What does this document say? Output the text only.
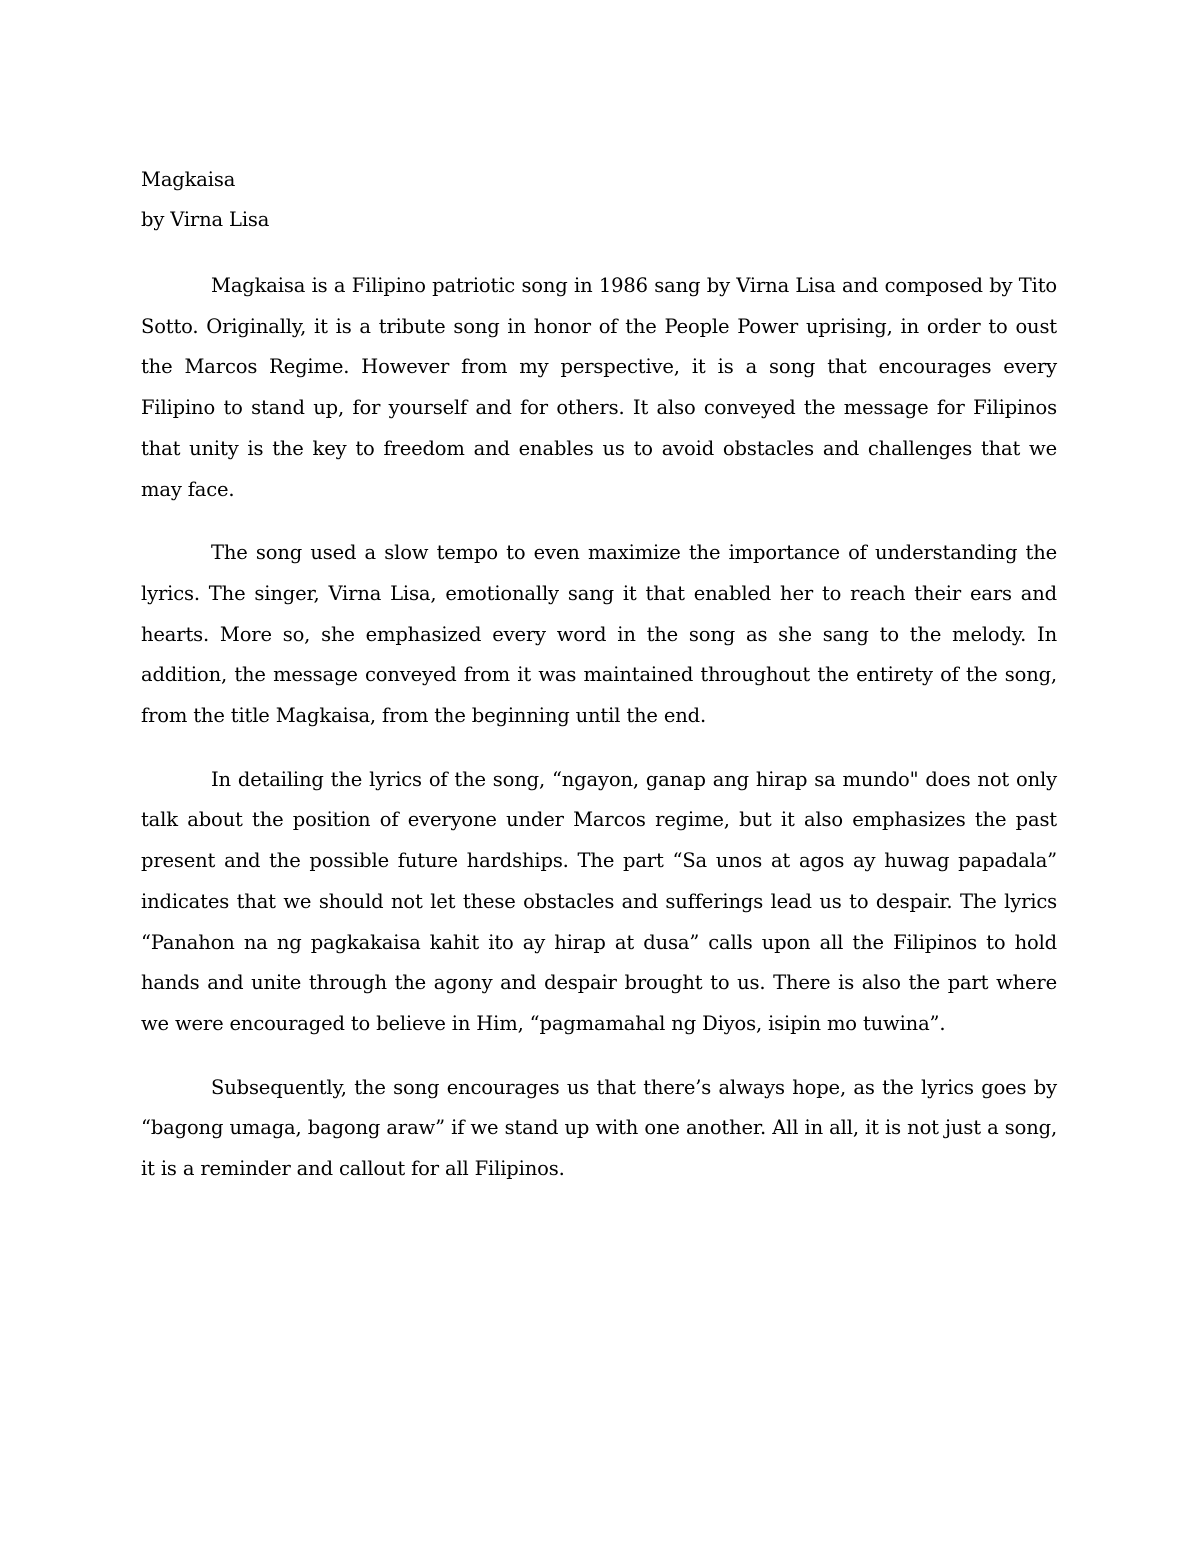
Magkaisa

by Virna Lisa

Magkaisa is a Filipino patriotic song in 1986 sang by Virna Lisa and composed by Tito Sotto. Originally, it is a tribute song in honor of the People Power uprising, in order to oust the Marcos Regime. However from my perspective, it is a song that encourages every Filipino to stand up, for yourself and for others. It also conveyed the message for Filipinos that unity is the key to freedom and enables us to avoid obstacles and challenges that we may face.

The song used a slow tempo to even maximize the importance of understanding the lyrics. The singer, Virna Lisa, emotionally sang it that enabled her to reach their ears and hearts. More so, she emphasized every word in the song as she sang to the melody. In addition, the message conveyed from it was maintained throughout the entirety of the song, from the title Magkaisa, from the beginning until the end.

In detailing the lyrics of the song, “ngayon, ganap ang hirap sa mundo" does not only talk about the position of everyone under Marcos regime, but it also emphasizes the past present and the possible future hardships. The part “Sa unos at agos ay huwag papadala” indicates that we should not let these obstacles and sufferings lead us to despair. The lyrics “Panahon na ng pagkakaisa kahit ito ay hirap at dusa” calls upon all the Filipinos to hold hands and unite through the agony and despair brought to us. There is also the part where we were encouraged to believe in Him, “pagmamahal ng Diyos, isipin mo tuwina”.

Subsequently, the song encourages us that there’s always hope, as the lyrics goes by “bagong umaga, bagong araw” if we stand up with one another. All in all, it is not just a song, it is a reminder and callout for all Filipinos.
